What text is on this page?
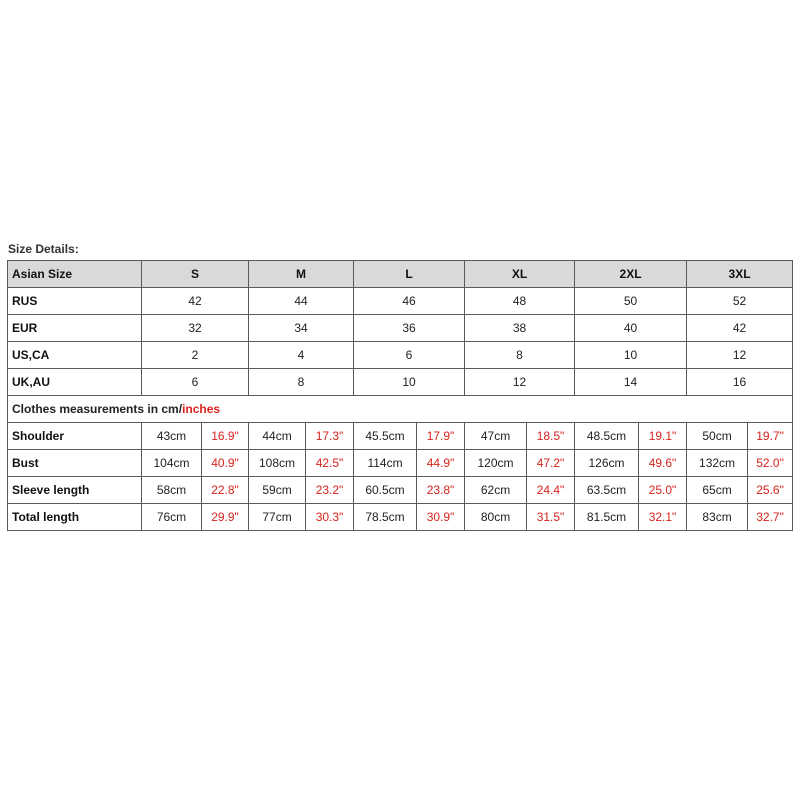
Size Details:
Asian Size	S		M		L		XL		2XL		3XL	
RUS	42		44		46		48		50		52	
EUR	32		34		36		38		40		42	
US,CA	2		4		6		8		10		12	
UK,AU	6		8		10		12		14		16	
Clothes measurements in cm/inches												
Shoulder	43cm	16.9"	44cm	17.3"	45.5cm	17.9"	47cm	18.5"	48.5cm	19.1"	50cm	19.7"
Bust	104cm	40.9"	108cm	42.5"	114cm	44.9"	120cm	47.2"	126cm	49.6"	132cm	52.0"
Sleeve length	58cm	22.8"	59cm	23.2"	60.5cm	23.8"	62cm	24.4"	63.5cm	25.0"	65cm	25.6"
Total length	76cm	29.9"	77cm	30.3"	78.5cm	30.9"	80cm	31.5"	81.5cm	32.1"	83cm	32.7"
